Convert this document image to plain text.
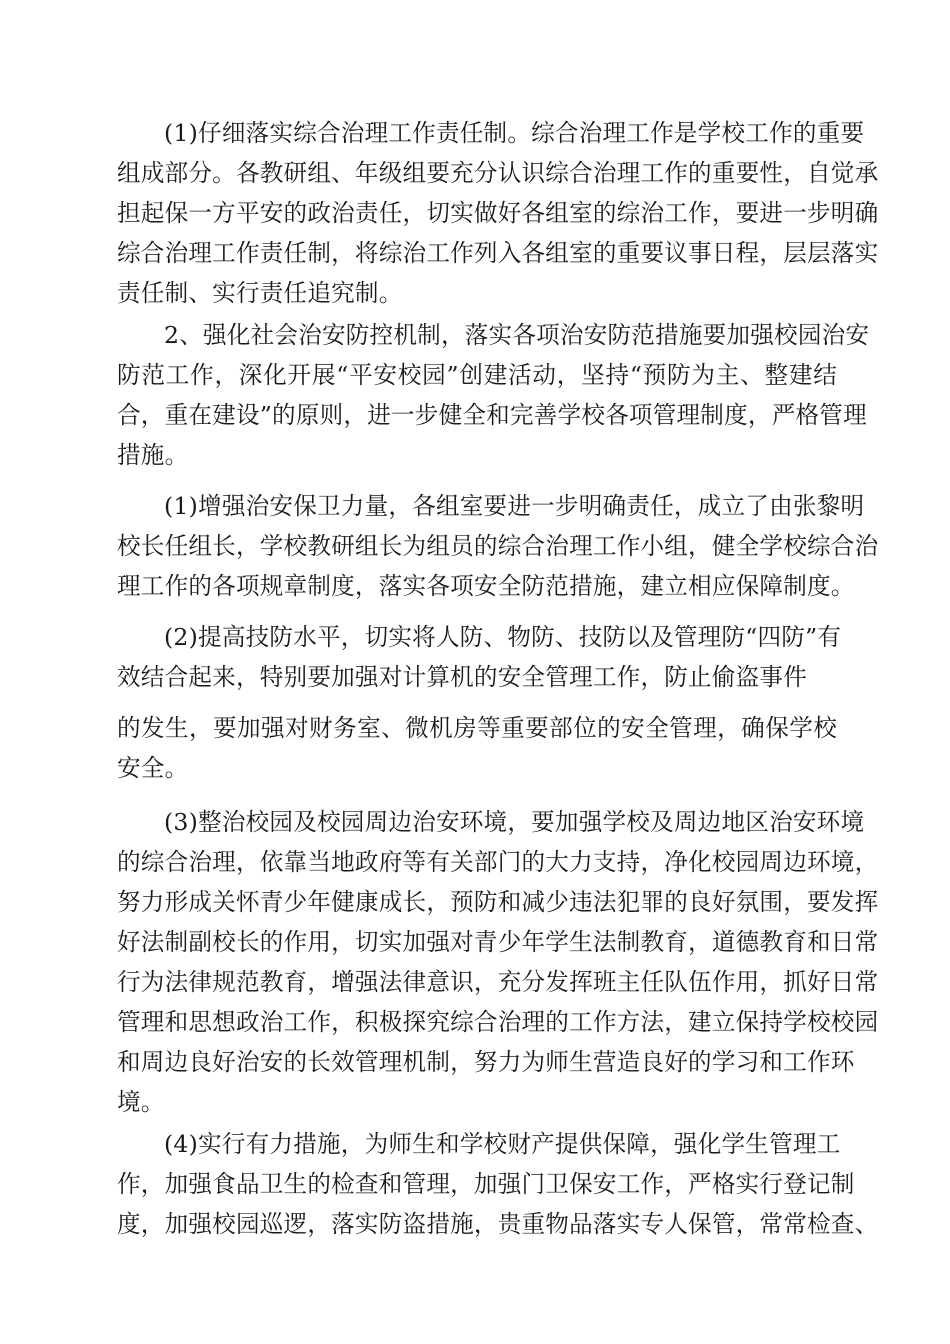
(1)仔细落实综合治理工作责任制。综合治理工作是学校工作的重要
组成部分。各教研组、年级组要充分认识综合治理工作的重要性，自觉承
担起保一方平安的政治责任，切实做好各组室的综治工作，要进一步明确
综合治理工作责任制，将综治工作列入各组室的重要议事日程，层层落实
责任制、实行责任追究制。
2、强化社会治安防控机制，落实各项治安防范措施要加强校园治安
防范工作，深化开展“平安校园”创建活动，坚持“预防为主、整建结
合，重在建设”的原则，进一步健全和完善学校各项管理制度，严格管理
措施。
(1)增强治安保卫力量，各组室要进一步明确责任，成立了由张黎明
校长任组长，学校教研组长为组员的综合治理工作小组，健全学校综合治
理工作的各项规章制度，落实各项安全防范措施，建立相应保障制度。
(2)提高技防水平，切实将人防、物防、技防以及管理防“四防”有
效结合起来，特别要加强对计算机的安全管理工作，防止偷盗事件
的发生，要加强对财务室、微机房等重要部位的安全管理，确保学校
安全。
(3)整治校园及校园周边治安环境，要加强学校及周边地区治安环境
的综合治理，依靠当地政府等有关部门的大力支持，净化校园周边环境，
努力形成关怀青少年健康成长，预防和减少违法犯罪的良好氛围，要发挥
好法制副校长的作用，切实加强对青少年学生法制教育，道德教育和日常
行为法律规范教育，增强法律意识，充分发挥班主任队伍作用，抓好日常
管理和思想政治工作，积极探究综合治理的工作方法，建立保持学校校园
和周边良好治安的长效管理机制，努力为师生营造良好的学习和工作环
境。
(4)实行有力措施，为师生和学校财产提供保障，强化学生管理工
作，加强食品卫生的检查和管理，加强门卫保安工作，严格实行登记制
度，加强校园巡逻，落实防盗措施，贵重物品落实专人保管，常常检查、
